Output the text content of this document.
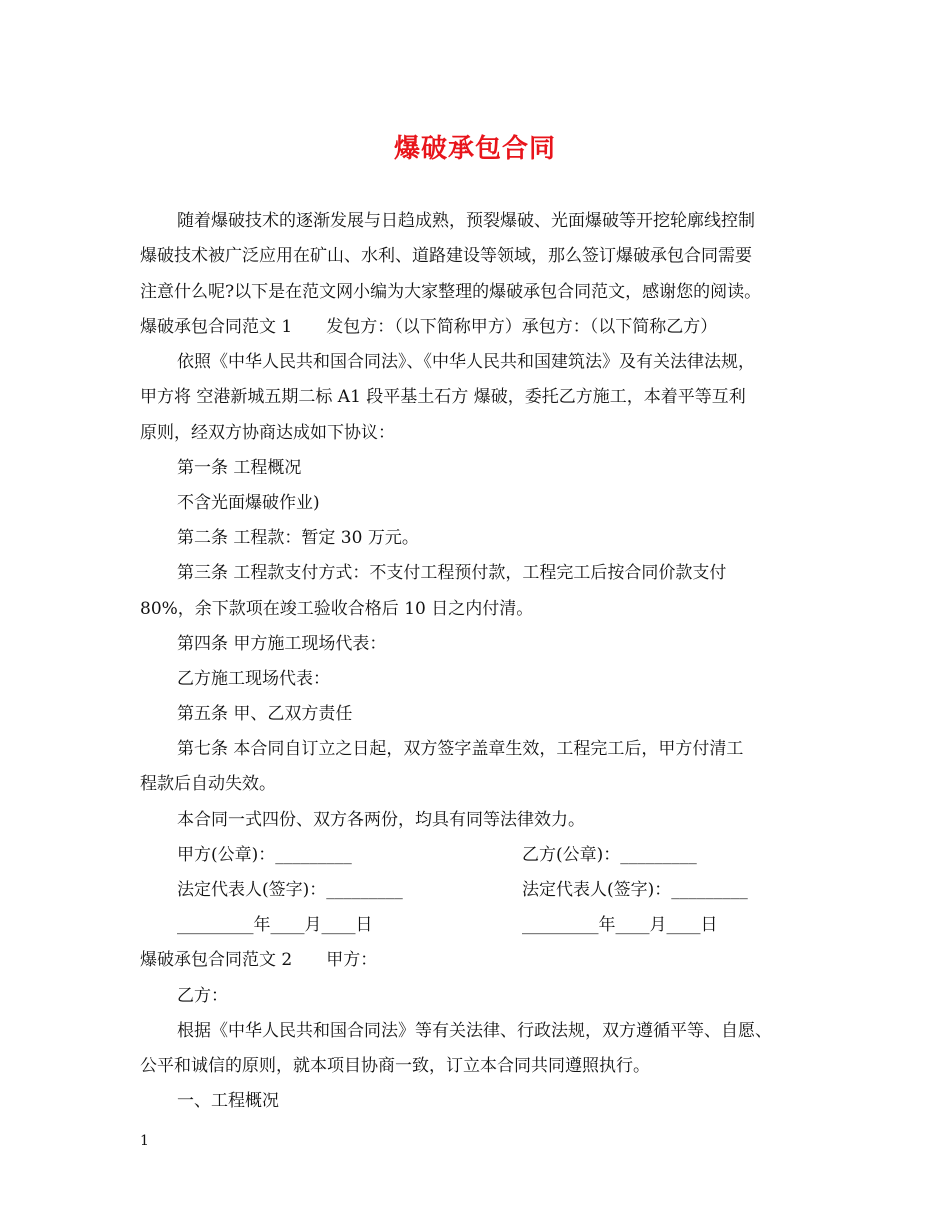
爆破承包合同
随着爆破技术的逐渐发展与日趋成熟，预裂爆破、光面爆破等开挖轮廓线控制
爆破技术被广泛应用在矿山、水利、道路建设等领域，那么签订爆破承包合同需要
注意什么呢?以下是在范文网小编为大家整理的爆破承包合同范文，感谢您的阅读。
爆破承包合同范文 1　　发包方：（以下简称甲方）承包方：（以下简称乙方）
依照《中华人民共和国合同法》、《中华人民共和国建筑法》及有关法律法规，
甲方将 空港新城五期二标 A1 段平基土石方 爆破，委托乙方施工，本着平等互利
原则，经双方协商达成如下协议：
第一条 工程概况
不含光面爆破作业)
第二条 工程款：暂定 30 万元。
第三条 工程款支付方式：不支付工程预付款，工程完工后按合同价款支付
80%，余下款项在竣工验收合格后 10 日之内付清。
第四条 甲方施工现场代表：
乙方施工现场代表：
第五条 甲、乙双方责任
第七条 本合同自订立之日起，双方签字盖章生效，工程完工后，甲方付清工
程款后自动失效。
本合同一式四份、双方各两份，均具有同等法律效力。
甲方(公章)：_________	乙方(公章)：_________
法定代表人(签字)：_________	法定代表人(签字)：_________
_________年____月____日	_________年____月____日
爆破承包合同范文 2　　甲方：
乙方：
根据《中华人民共和国合同法》等有关法律、行政法规，双方遵循平等、自愿、
公平和诚信的原则，就本项目协商一致，订立本合同共同遵照执行。
一、工程概况
1
